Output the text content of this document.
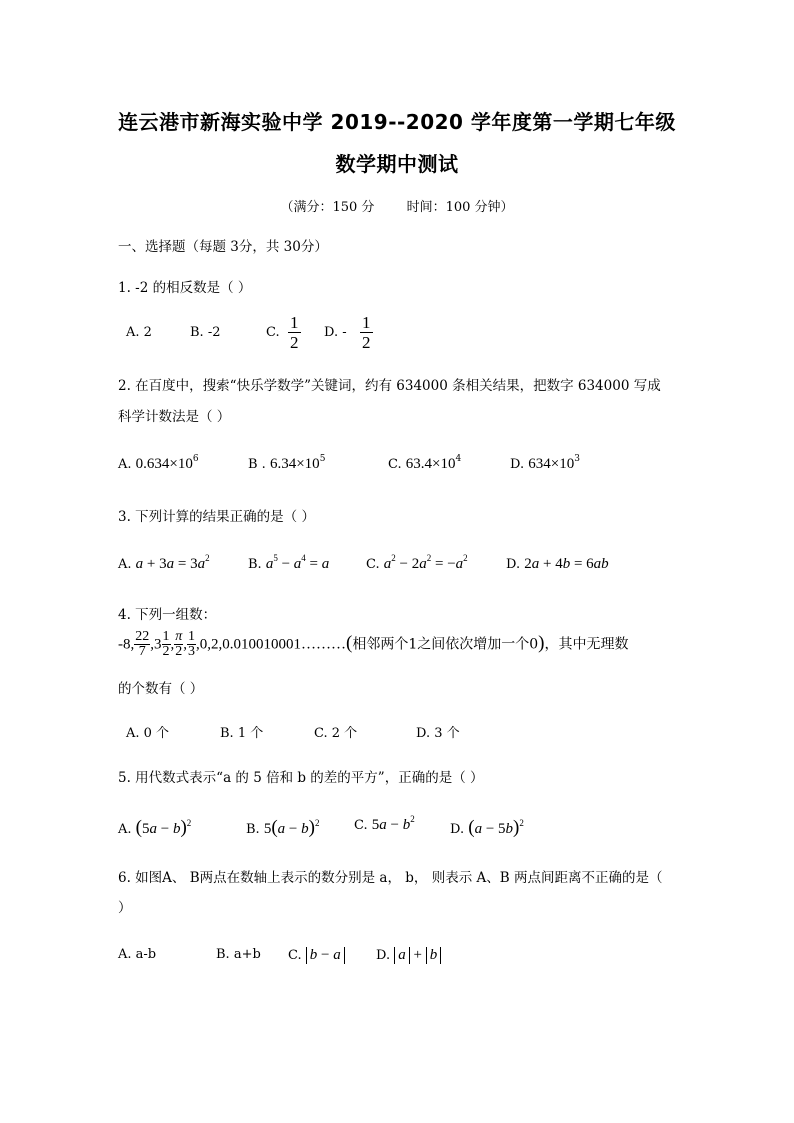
连云港市新海实验中学 2019--2020 学年度第一学期七年级
数学期中测试
（满分：150 分 时间：100 分钟）
一、选择题（每题 3分，共 30分）
1. -2 的相反数是（ ）
A. 2	B. -2	C. $\frac{1}{2} D$. - $\frac{1}{2}$
2. 在百度中，搜索“快乐学数学”关键词，约有 634000 条相关结果，把数字 634000 写成
科学计数法是（ ）
A. $0.634\times 10^6$	B . $6.34\times 10^5$	C. $63.4\times 10^4$	D. $634\times 10^3$
3. 下列计算的结果正确的是（ ）
A. $a + 3a = 3a^2$	B. $a^5 - a^4 = a$	C. $a^2 - 2a^2 = -a^2$	D. 2a + 4b = 6ab
4. 下列一组数：
-8, $\frac{22}{7} ,3 \frac{1}{2}$ , $\frac{\pi}{2}$ , $\frac{1}{3}$ ,0,2,0.010010001………(相邻两个1之间依次增加一个0)，其中无理数
的个数有（ ）
A. 0 个	B. 1 个	C. 2 个	D. 3 个
5. 用代数式表示“a 的 5 倍和 b 的差的平方”，正确的是（ ）
A. $(5a - b)^2$	B. $5(a - b)^2$	C. $5a - b^2$
D. $(a - 5b)^2$
6. 如图A、 B两点在数轴上表示的数分别是 a， b， 则表示 A、B 两点间距离不正确的是（
）
A. a-b	B. a+b C. b − a	D. a + b
